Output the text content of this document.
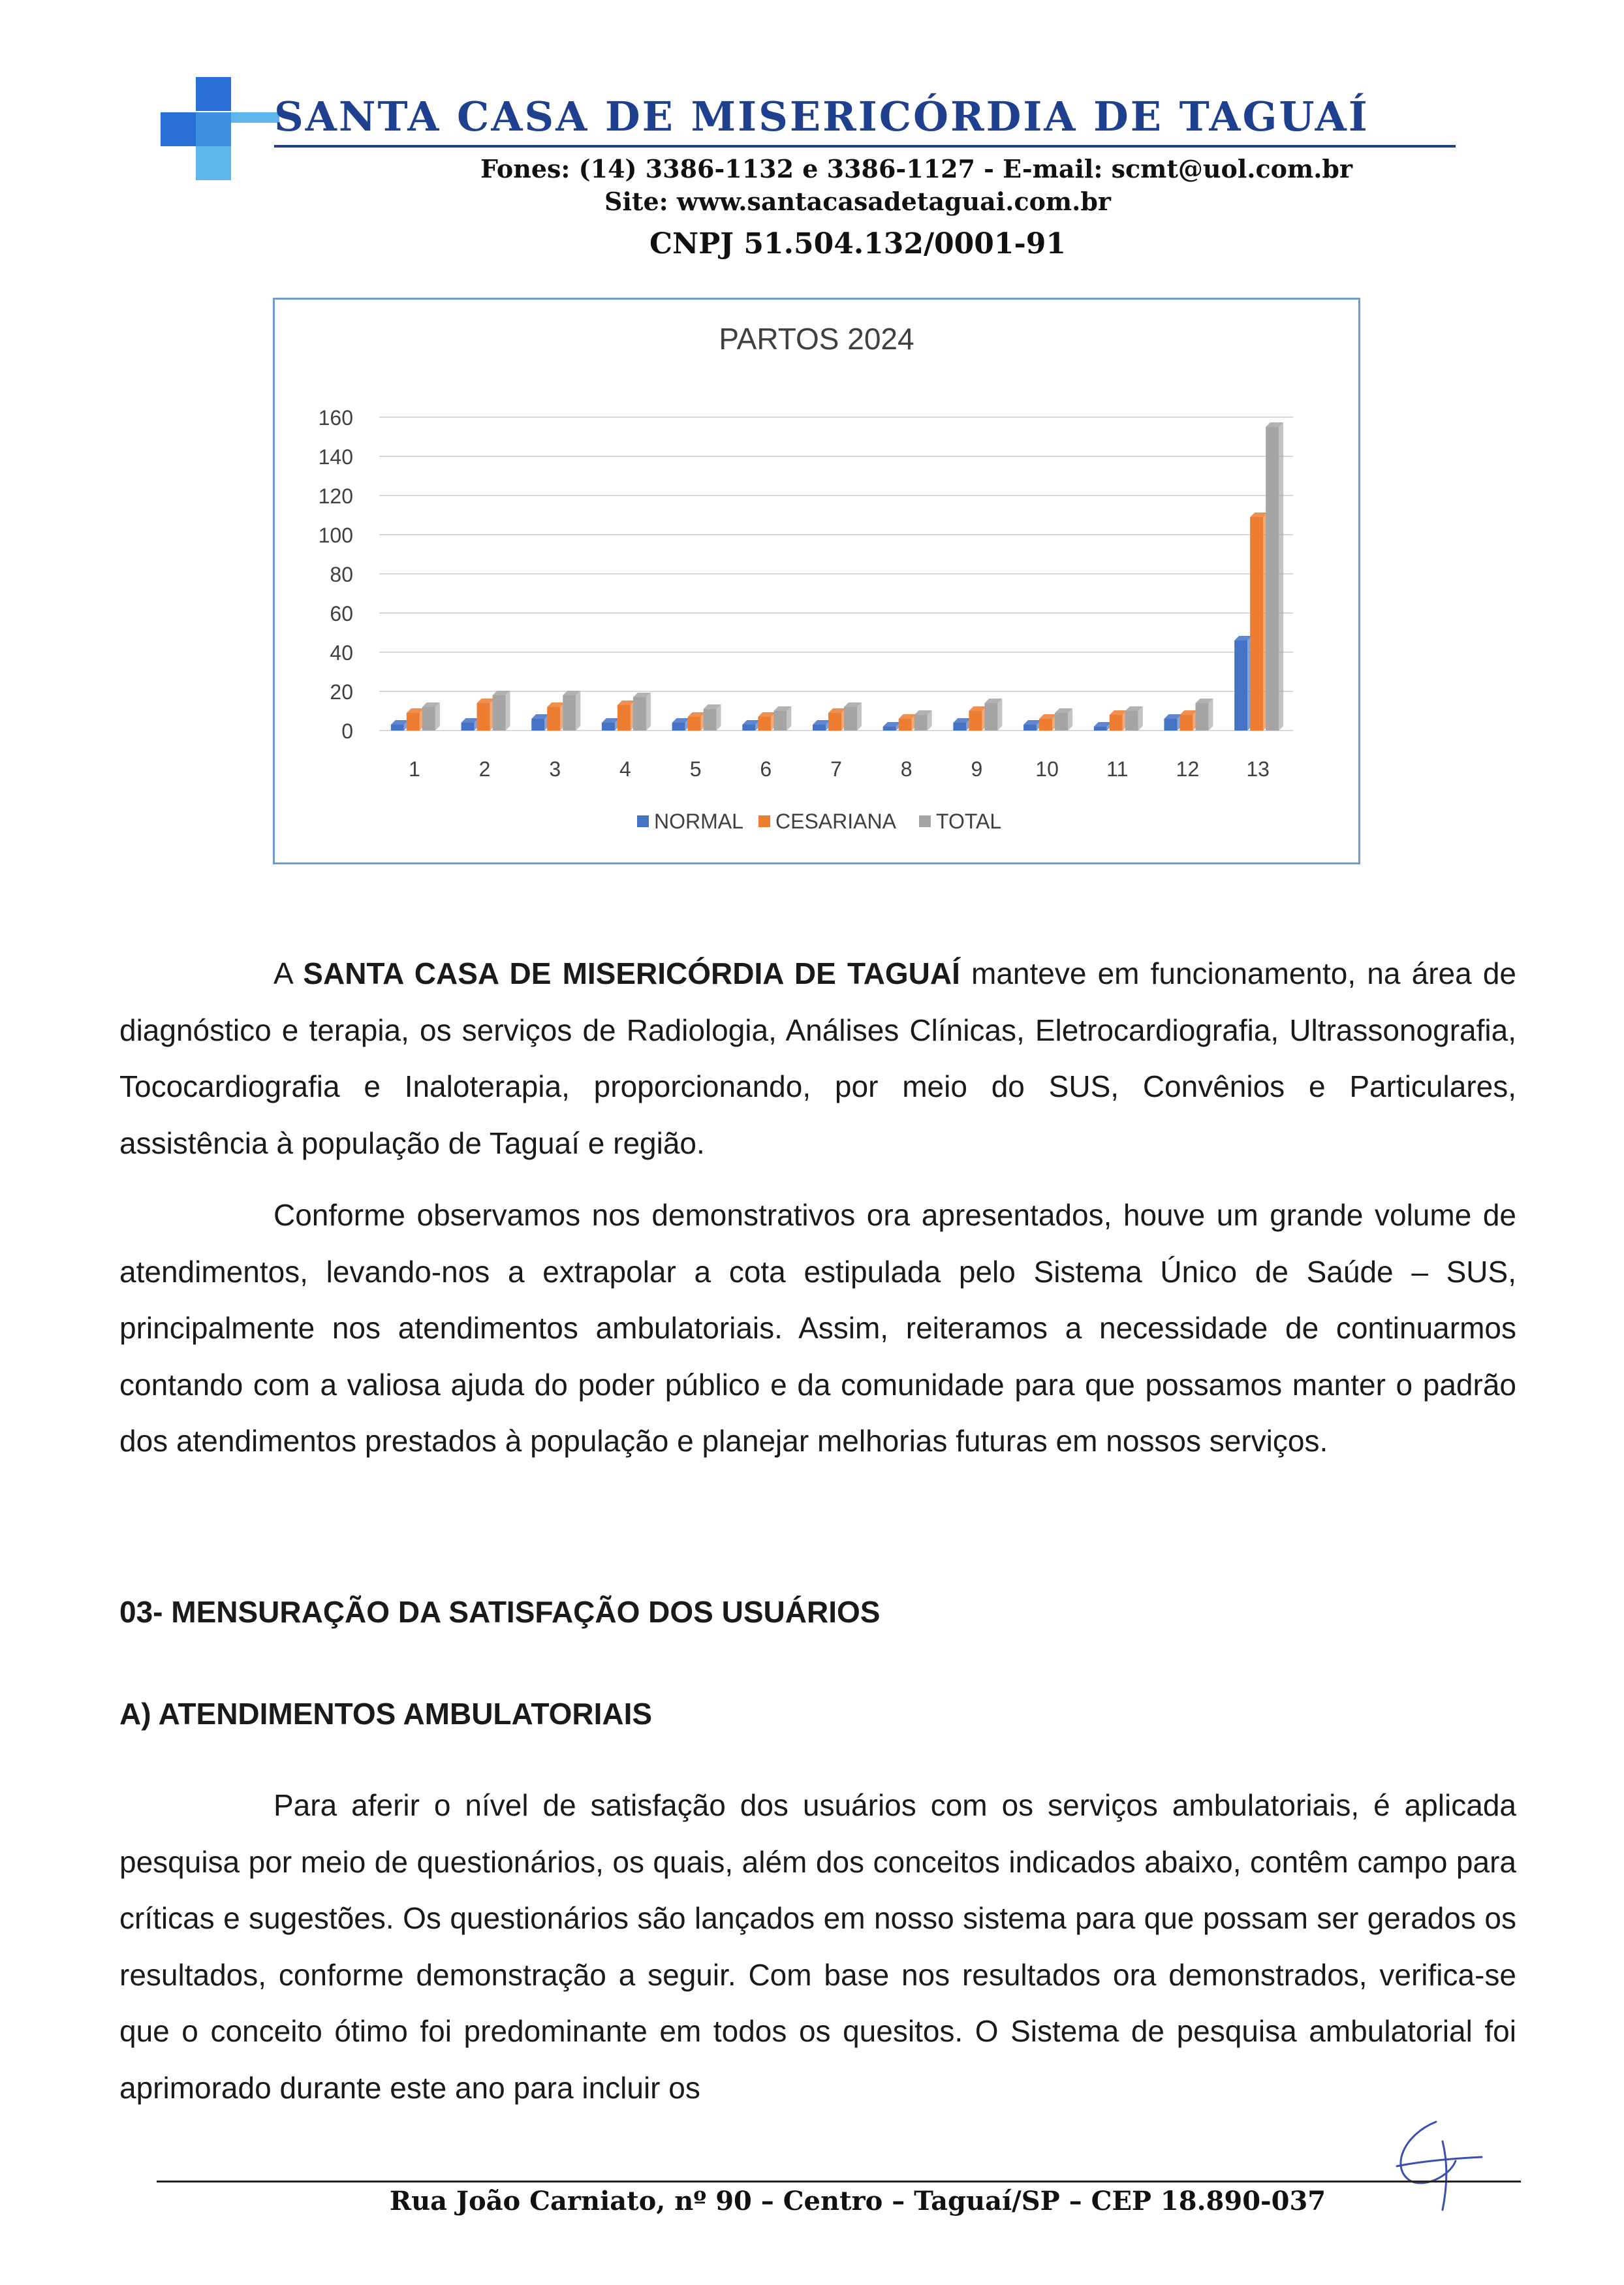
SANTA CASA DE MISERICÓRDIA DE TAGUAÍ
Fones: (14) 3386-1132 e 3386-1127 - E-mail: scmt@uol.com.br
Site: www.santacasadetaguai.com.br
CNPJ 51.504.132/0001-91
PARTOS 2024
0
20
40
60
80
100
120
140
160
1	2	3	4	5	6	7	8	9	10 11 12 13
NORMAL CESARIANA TOTAL

A SANTA CASA DE MISERICÓRDIA DE TAGUAÍ manteve em funcionamento, na área de diagnóstico e terapia, os serviços de Radiologia, Análises Clínicas, Eletrocardiografia, Ultrassonografia, Tococardiografia e Inaloterapia, proporcionando, por meio do SUS, Convênios e Particulares, assistência à população de Taguaí e região.

Conforme observamos nos demonstrativos ora apresentados, houve um grande volume de atendimentos, levando-nos a extrapolar a cota estipulada pelo Sistema Único de Saúde – SUS, principalmente nos atendimentos ambulatoriais. Assim, reiteramos a necessidade de continuarmos contando com a valiosa ajuda do poder público e da comunidade para que possamos manter o padrão dos atendimentos prestados à população e planejar melhorias futuras em nossos serviços.

03- MENSURAÇÃO DA SATISFAÇÃO DOS USUÁRIOS
A) ATENDIMENTOS AMBULATORIAIS

Para aferir o nível de satisfação dos usuários com os serviços ambulatoriais, é aplicada pesquisa por meio de questionários, os quais, além dos conceitos indicados abaixo, contêm campo para críticas e sugestões. Os questionários são lançados em nosso sistema para que possam ser gerados os resultados, conforme demonstração a seguir. Com base nos resultados ora demonstrados, verifica-se que o conceito ótimo foi predominante em todos os quesitos. O Sistema de pesquisa ambulatorial foi aprimorado durante este ano para incluir os

Rua João Carniato, nº 90 – Centro – Taguaí/SP – CEP 18.890-037
